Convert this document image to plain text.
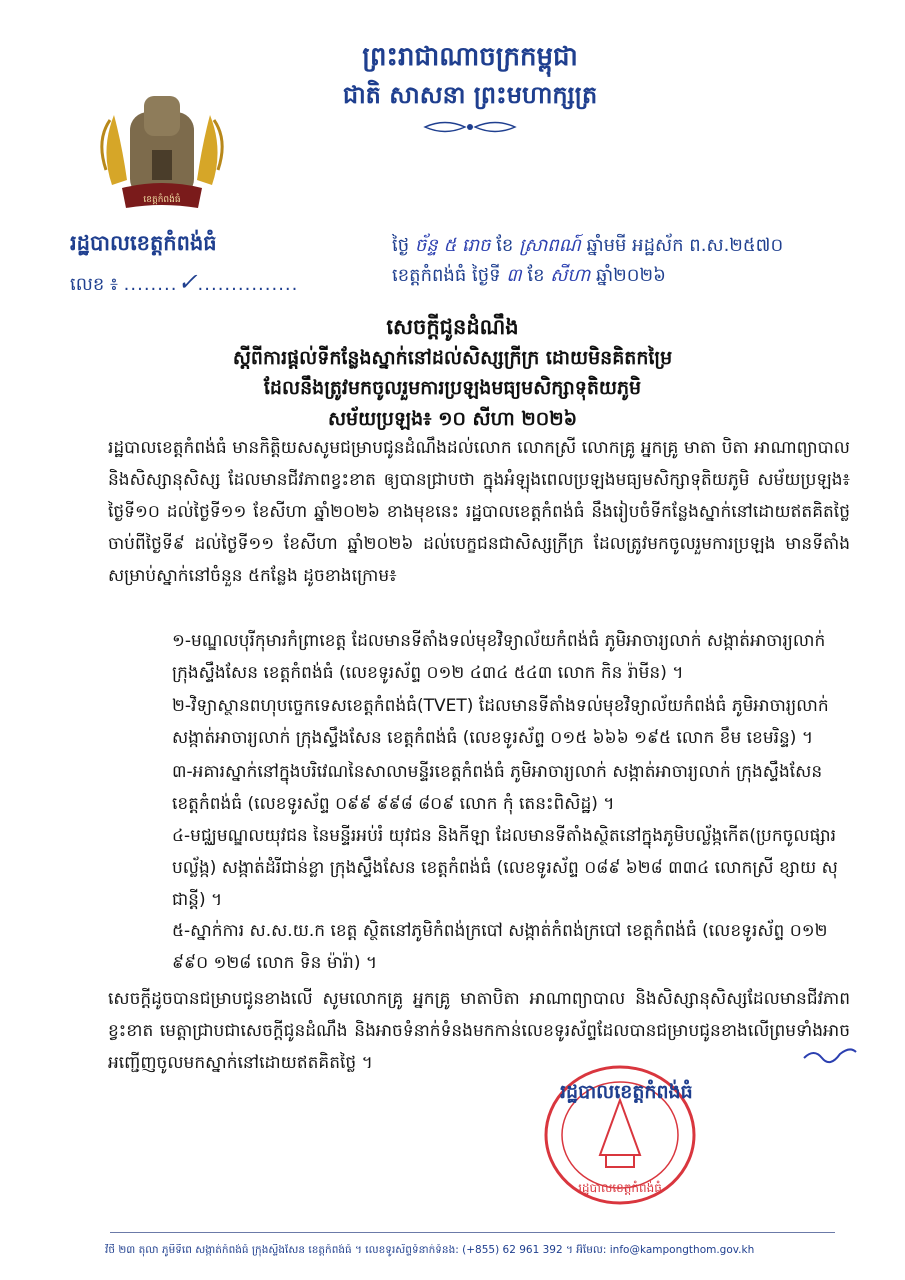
ព្រះរាជាណាចក្រកម្ពុជា
ជាតិ សាសនា ព្រះមហាក្សត្រ
ខេត្តកំពង់ធំ
រដ្ឋបាលខេត្តកំពង់ធំ
លេខ ៖ ........✓...............
ថ្ងៃ ច័ន្ទ ៥ រោច ខែ ស្រាពណ៍ ឆ្នាំមមី អដ្ឋស័ក ព.ស.២៥៧០
ខេត្តកំពង់ធំ ថ្ងៃទី ៣ ខែ សីហា ឆ្នាំ២០២៦
សេចក្ដីជូនដំណឹង
ស្ដីពីការផ្ដល់ទីកន្លែងស្នាក់នៅដល់សិស្សក្រីក្រ ដោយមិនគិតកម្រៃ
ដែលនឹងត្រូវមកចូលរួមការប្រឡងមធ្យមសិក្សាទុតិយភូមិ
សម័យប្រឡង៖ ១០ សីហា ២០២៦
រដ្ឋបាលខេត្តកំពង់ធំ មានកិត្តិយសសូមជម្រាបជូនដំណឹងដល់លោក លោកស្រី លោកគ្រូ អ្នកគ្រូ មាតា បិតា អាណាព្យាបាល និងសិស្សានុសិស្ស ដែលមានជីវភាពខ្វះខាត ឲ្យបានជ្រាបថា ក្នុងអំឡុងពេលប្រឡងមធ្យមសិក្សាទុតិយភូមិ សម័យប្រឡង៖ ថ្ងៃទី១០ ដល់ថ្ងៃទី១១ ខែសីហា ឆ្នាំ២០២៦ ខាងមុខនេះ រដ្ឋបាលខេត្តកំពង់ធំ នឹងរៀបចំទីកន្លែងស្នាក់នៅដោយឥតគិតថ្លៃ ចាប់ពីថ្ងៃទី៩ ដល់ថ្ងៃទី១១ ខែសីហា ឆ្នាំ២០២៦ ដល់បេក្ខជនជាសិស្សក្រីក្រ ដែលត្រូវមកចូលរួមការប្រឡង មានទីតាំងសម្រាប់ស្នាក់នៅចំនួន ៥កន្លែង ដូចខាងក្រោម៖
១-មណ្ឌលបុរីកុមារកំព្រាខេត្ត ដែលមានទីតាំងទល់មុខវិទ្យាល័យកំពង់ធំ ភូមិអាចារ្យលាក់ សង្កាត់អាចារ្យលាក់ ក្រុងស្ទឹងសែន ខេត្តកំពង់ធំ (លេខទូរស័ព្ទ ០១២ ៤៣៤ ៥៤៣ លោក កិន រ៉ាមីន) ។
២-វិទ្យាស្ថានពហុបច្ចេកទេសខេត្តកំពង់ធំ(TVET) ដែលមានទីតាំងទល់មុខវិទ្យាល័យកំពង់ធំ ភូមិអាចារ្យលាក់ សង្កាត់អាចារ្យលាក់ ក្រុងស្ទឹងសែន ខេត្តកំពង់ធំ (លេខទូរស័ព្ទ ០១៥ ៦៦៦ ១៩៥ លោក ខឹម ខេមរិន្ទ) ។
៣-អគារស្នាក់នៅក្នុងបរិវេណនៃសាលាមន្ទីរខេត្តកំពង់ធំ ភូមិអាចារ្យលាក់ សង្កាត់អាចារ្យលាក់ ក្រុងស្ទឹងសែន ខេត្តកំពង់ធំ (លេខទូរស័ព្ទ ០៩៩ ៩៩៨ ៨០៩ លោក កុំ តេនះពិសិដ្ឋ) ។
៤-មជ្ឈមណ្ឌលយុវជន នៃមន្ទីរអប់រំ យុវជន និងកីឡា ដែលមានទីតាំងស្ថិតនៅក្នុងភូមិបល្ល័ង្កកើត(ប្រកចូលផ្សារបល្ល័ង្ក) សង្កាត់ដំរីជាន់ខ្លា ក្រុងស្ទឹងសែន ខេត្តកំពង់ធំ (លេខទូរស័ព្ទ ០៨៩ ៦២៨ ៣៣៤ លោកស្រី ខ្សាយ សុជាន្តី) ។
៥-ស្នាក់ការ ស.ស.យ.ក ខេត្ត ស្ថិតនៅភូមិកំពង់ក្របៅ សង្កាត់កំពង់ក្របៅ ខេត្តកំពង់ធំ (លេខទូរស័ព្ទ ០១២ ៩៩០ ១២៨ លោក ទិន ម៉ារ៉ា) ។
សេចក្ដីដូចបានជម្រាបជូនខាងលើ សូមលោកគ្រូ អ្នកគ្រូ មាតាបិតា អាណាព្យាបាល និងសិស្សានុសិស្សដែលមានជីវភាពខ្វះខាត មេត្តាជ្រាបជាសេចក្ដីជូនដំណឹង និងអាចទំនាក់ទំនងមកកាន់លេខទូរស័ព្ទដែលបានជម្រាបជូនខាងលើព្រមទាំងអាចអញ្ជើញចូលមកស្នាក់នៅដោយឥតគិតថ្លៃ ។
រដ្ឋបាលខេត្តកំពង់ធំ
រដ្ឋបាលខេត្តកំពង់ធំ
វិថី ២៣ តុលា ភូមិទីពេ សង្កាត់កំពង់ធំ ក្រុងស្ទឹងសែន ខេត្តកំពង់ធំ ។ លេខទូរស័ព្ទទំនាក់ទំនង: (+855) 62 961 392 ។ អ៊ីមែល: info@kampongthom.gov.kh
